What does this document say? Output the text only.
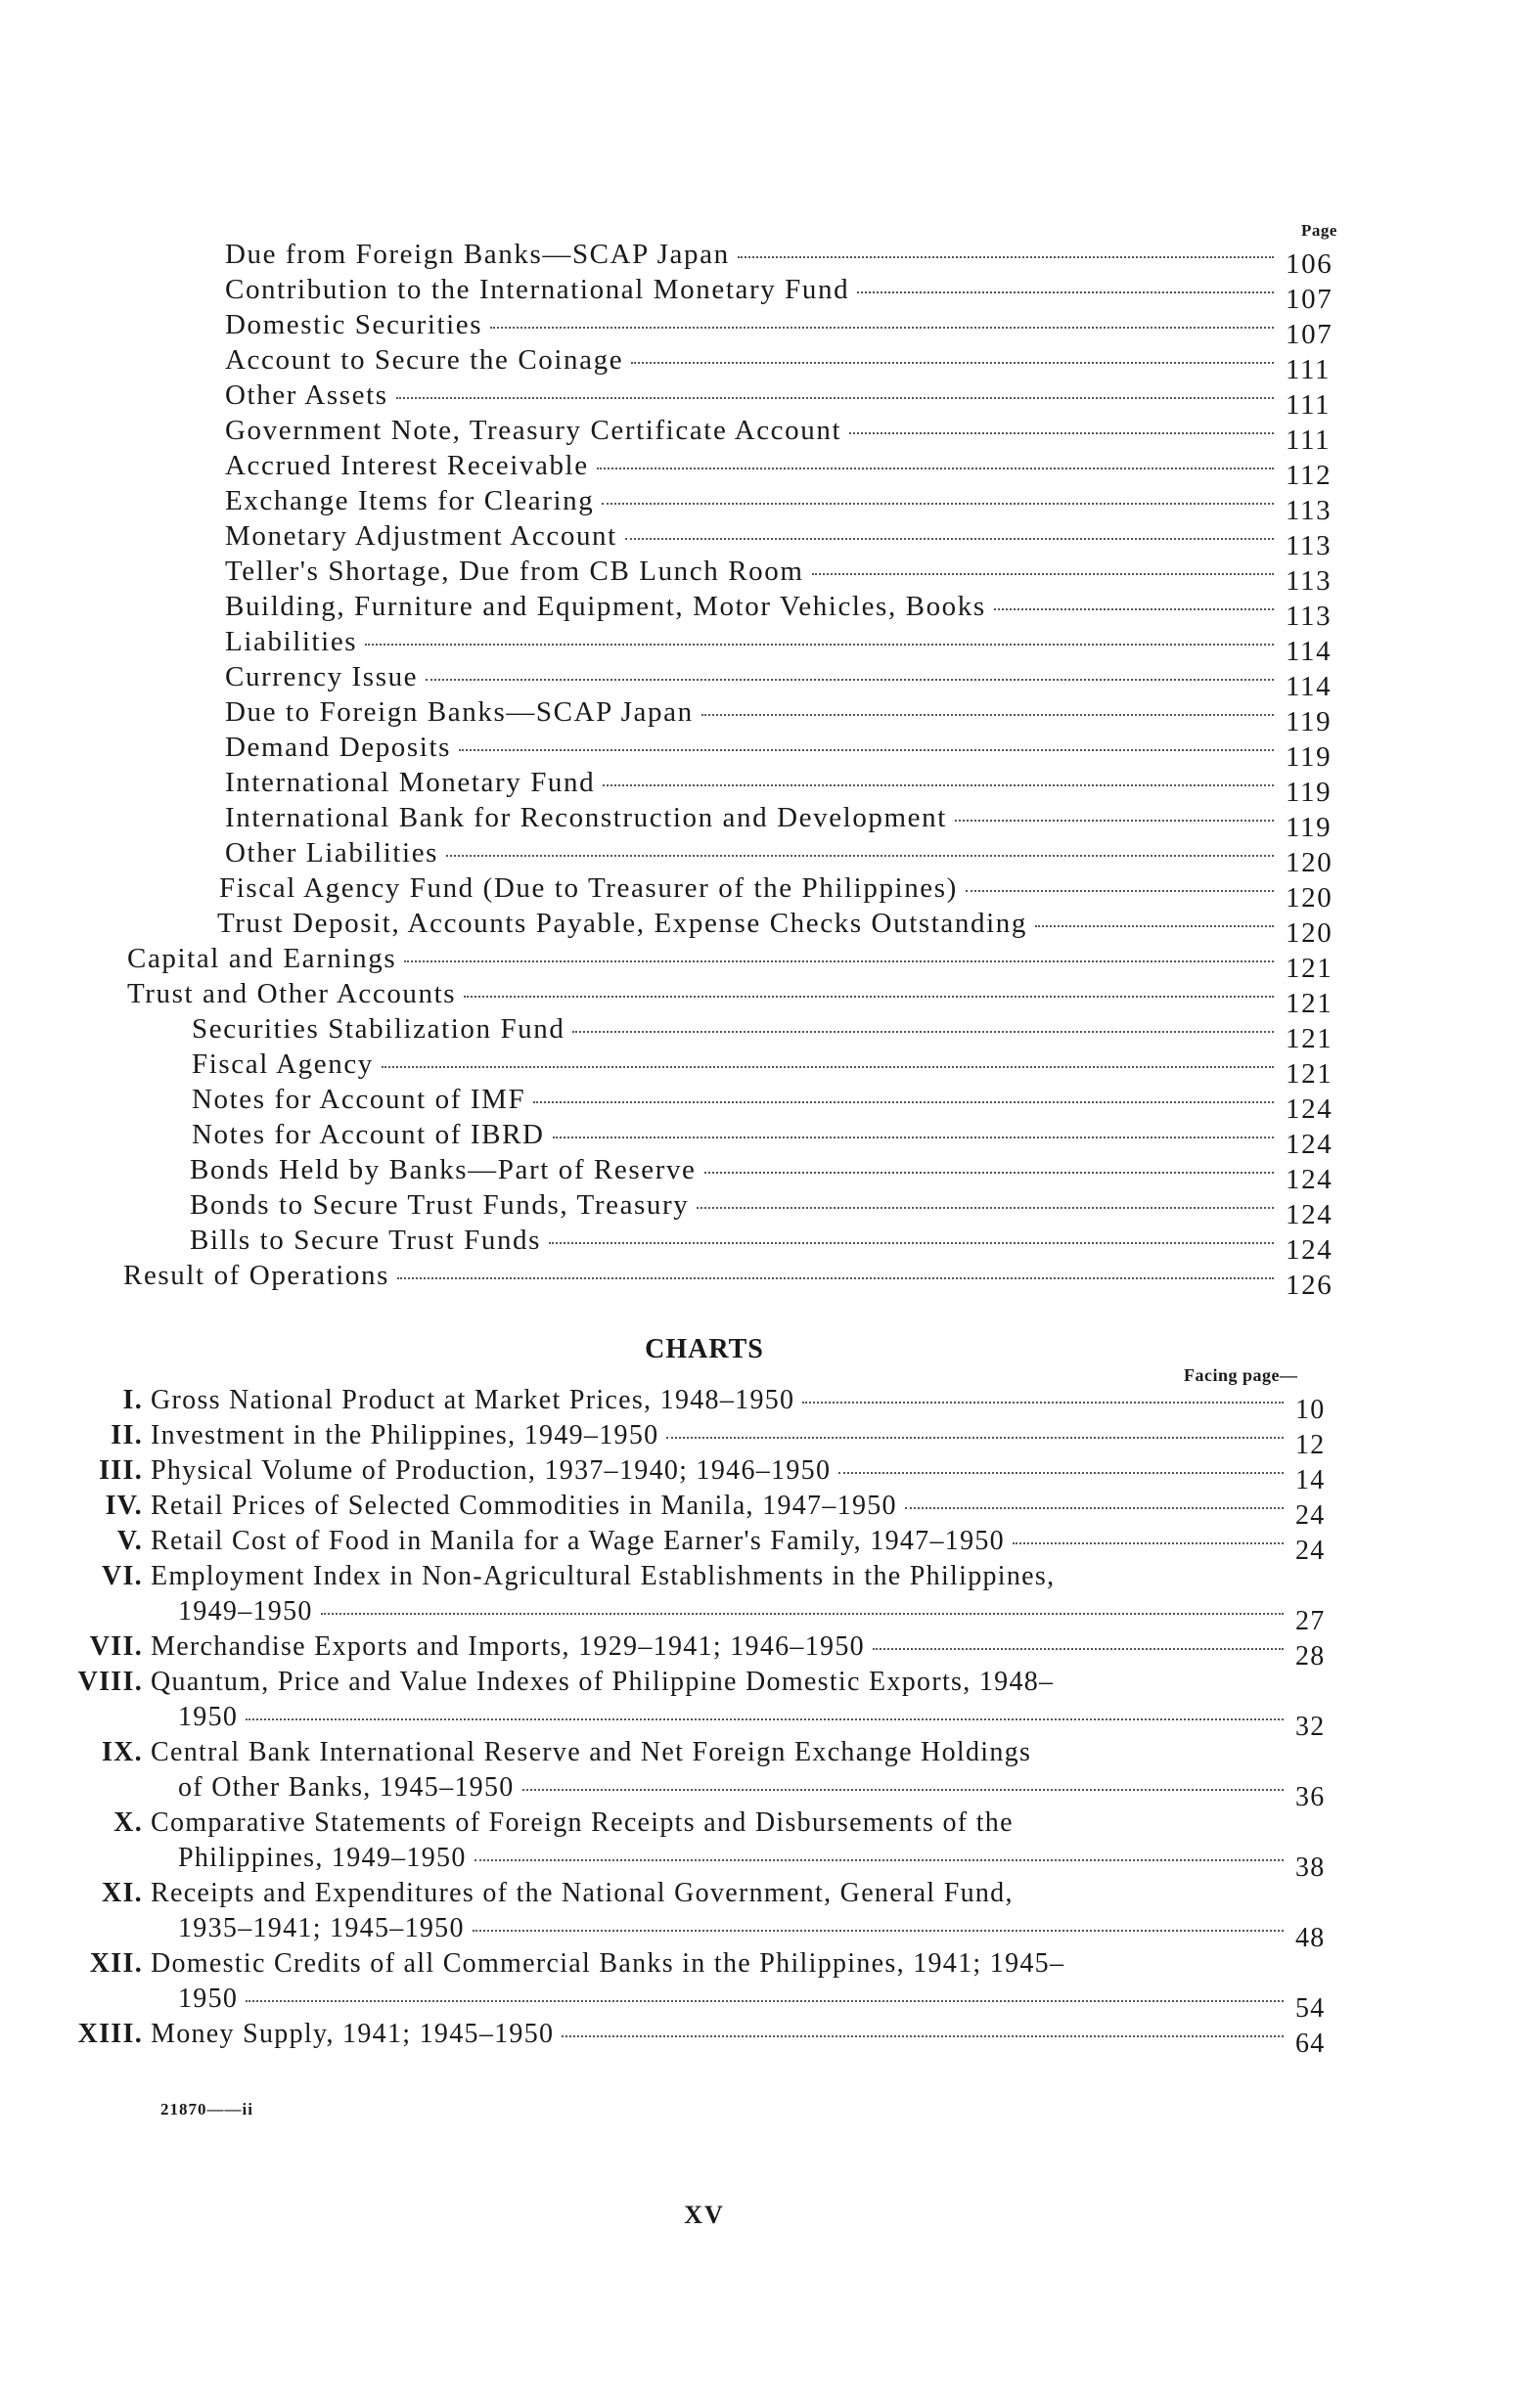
Page
Due from Foreign Banks—SCAP Japan	106
Contribution to the International Monetary Fund	107
Domestic Securities	107
Account to Secure the Coinage	111
Other Assets	111
Government Note, Treasury Certificate Account	111
Accrued Interest Receivable	112
Exchange Items for Clearing	113
Monetary Adjustment Account	113
Teller's Shortage, Due from CB Lunch Room	113
Building, Furniture and Equipment, Motor Vehicles, Books	113
Liabilities	114
Currency Issue	114
Due to Foreign Banks—SCAP Japan	119
Demand Deposits	119
International Monetary Fund	119
International Bank for Reconstruction and Development	119
Other Liabilities	120
Fiscal Agency Fund (Due to Treasurer of the Philippines)	120
Trust Deposit, Accounts Payable, Expense Checks Outstanding	120
Capital and Earnings	121
Trust and Other Accounts	121
Securities Stabilization Fund	121
Fiscal Agency	121
Notes for Account of IMF	124
Notes for Account of IBRD	124
Bonds Held by Banks—Part of Reserve	124
Bonds to Secure Trust Funds, Treasury	124
Bills to Secure Trust Funds	124
Result of Operations	126
CHARTS
Facing page—
I. Gross National Product at Market Prices, 1948–1950	10
II. Investment in the Philippines, 1949–1950	12
III. Physical Volume of Production, 1937–1940; 1946–1950	14
IV. Retail Prices of Selected Commodities in Manila, 1947–1950	24
V. Retail Cost of Food in Manila for a Wage Earner's Family, 1947–1950	24
VI. Employment Index in Non-Agricultural Establishments in the Philippines,
1949–1950	27
VII. Merchandise Exports and Imports, 1929–1941; 1946–1950	28
VIII. Quantum, Price and Value Indexes of Philippine Domestic Exports, 1948–
1950	32
IX. Central Bank International Reserve and Net Foreign Exchange Holdings
of Other Banks, 1945–1950	36
X. Comparative Statements of Foreign Receipts and Disbursements of the
Philippines, 1949–1950	38
XI. Receipts and Expenditures of the National Government, General Fund,
1935–1941; 1945–1950	48
XII. Domestic Credits of all Commercial Banks in the Philippines, 1941; 1945–
1950	54
XIII. Money Supply, 1941; 1945–1950	64
21870——ii
XV
